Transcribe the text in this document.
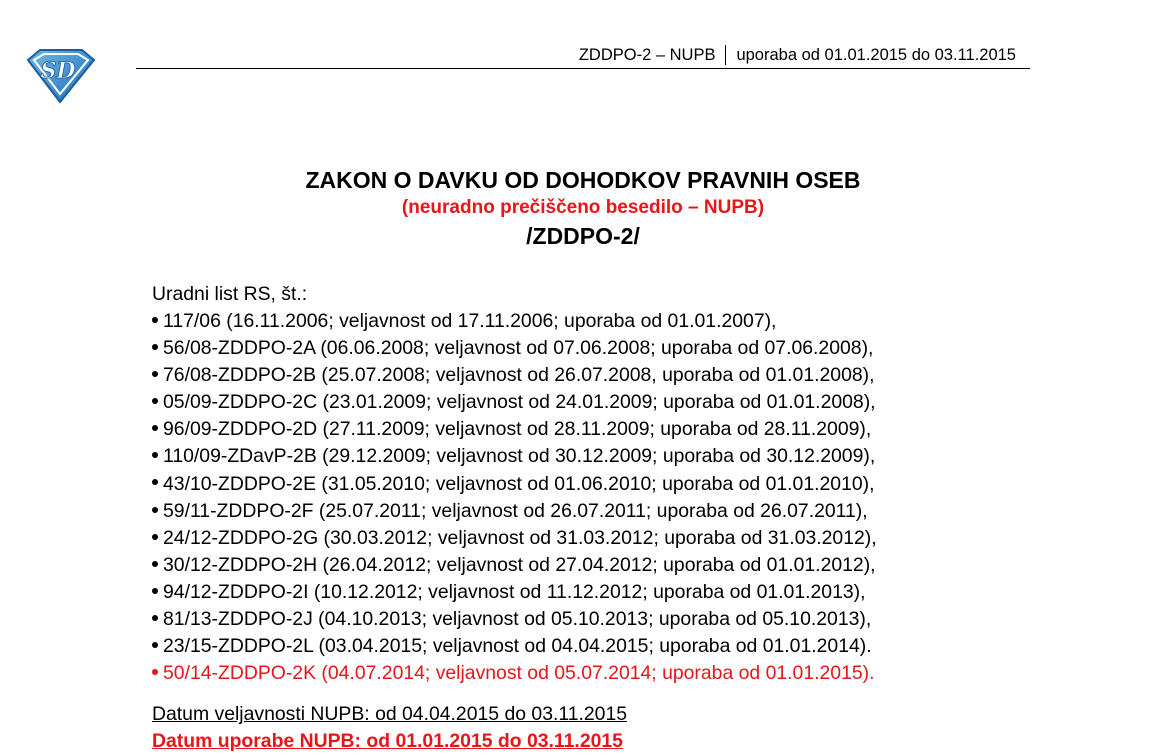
SD
ZDDPO-2 – NUPB uporaba od 01.01.2015 do 03.11.2015
ZAKON O DAVKU OD DOHODKOV PRAVNIH OSEB
(neuradno prečiščeno besedilo – NUPB)
/ZDDPO-2/
Uradni list RS, št.:
117/06 (16.11.2006; veljavnost od 17.11.2006; uporaba od 01.01.2007),
56/08-ZDDPO-2A (06.06.2008; veljavnost od 07.06.2008; uporaba od 07.06.2008),
76/08-ZDDPO-2B (25.07.2008; veljavnost od 26.07.2008, uporaba od 01.01.2008),
05/09-ZDDPO-2C (23.01.2009; veljavnost od 24.01.2009; uporaba od 01.01.2008),
96/09-ZDDPO-2D (27.11.2009; veljavnost od 28.11.2009; uporaba od 28.11.2009),
110/09-ZDavP-2B (29.12.2009; veljavnost od 30.12.2009; uporaba od 30.12.2009),
43/10-ZDDPO-2E (31.05.2010; veljavnost od 01.06.2010; uporaba od 01.01.2010),
59/11-ZDDPO-2F (25.07.2011; veljavnost od 26.07.2011; uporaba od 26.07.2011),
24/12-ZDDPO-2G (30.03.2012; veljavnost od 31.03.2012; uporaba od 31.03.2012),
30/12-ZDDPO-2H (26.04.2012; veljavnost od 27.04.2012; uporaba od 01.01.2012),
94/12-ZDDPO-2I (10.12.2012; veljavnost od 11.12.2012; uporaba od 01.01.2013),
81/13-ZDDPO-2J (04.10.2013; veljavnost od 05.10.2013; uporaba od 05.10.2013),
23/15-ZDDPO-2L (03.04.2015; veljavnost od 04.04.2015; uporaba od 01.01.2014).
50/14-ZDDPO-2K (04.07.2014; veljavnost od 05.07.2014; uporaba od 01.01.2015).
Datum veljavnosti NUPB: od 04.04.2015 do 03.11.2015
Datum uporabe NUPB: od 01.01.2015 do 03.11.2015
